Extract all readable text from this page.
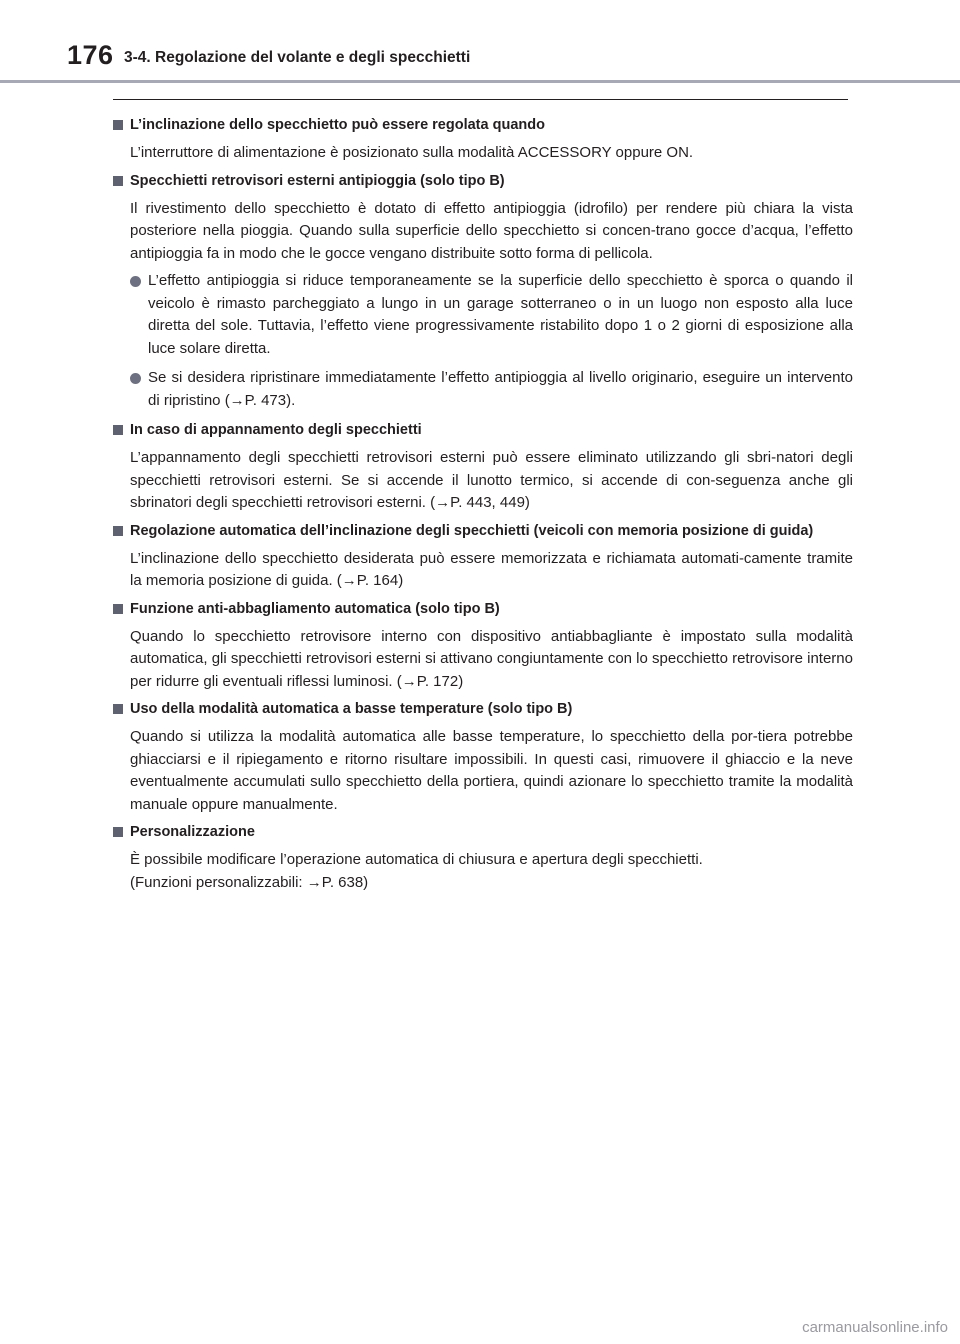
176 3-4. Regolazione del volante e degli specchietti
L’inclinazione dello specchietto può essere regolata quando
L’interruttore di alimentazione è posizionato sulla modalità ACCESSORY oppure ON.
Specchietti retrovisori esterni antipioggia (solo tipo B)
Il rivestimento dello specchietto è dotato di effetto antipioggia (idrofilo) per rendere più chiara la vista posteriore nella pioggia. Quando sulla superficie dello specchietto si concen-trano gocce d’acqua, l’effetto antipioggia fa in modo che le gocce vengano distribuite sotto forma di pellicola.
L’effetto antipioggia si riduce temporaneamente se la superficie dello specchietto è sporca o quando il veicolo è rimasto parcheggiato a lungo in un garage sotterraneo o in un luogo non esposto alla luce diretta del sole. Tuttavia, l’effetto viene progressivamente ristabilito dopo 1 o 2 giorni di esposizione alla luce solare diretta.
Se si desidera ripristinare immediatamente l’effetto antipioggia al livello originario, eseguire un intervento di ripristino (→P. 473).
In caso di appannamento degli specchietti
L’appannamento degli specchietti retrovisori esterni può essere eliminato utilizzando gli sbri-natori degli specchietti retrovisori esterni. Se si accende il lunotto termico, si accende di con-seguenza anche gli sbrinatori degli specchietti retrovisori esterni. (→P. 443, 449)
Regolazione automatica dell’inclinazione degli specchietti (veicoli con memoria posizione di guida)
L’inclinazione dello specchietto desiderata può essere memorizzata e richiamata automati-camente tramite la memoria posizione di guida. (→P. 164)
Funzione anti-abbagliamento automatica (solo tipo B)
Quando lo specchietto retrovisore interno con dispositivo antiabbagliante è impostato sulla modalità automatica, gli specchietti retrovisori esterni si attivano congiuntamente con lo specchietto retrovisore interno per ridurre gli eventuali riflessi luminosi. (→P. 172)
Uso della modalità automatica a basse temperature (solo tipo B)
Quando si utilizza la modalità automatica alle basse temperature, lo specchietto della por-tiera potrebbe ghiacciarsi e il ripiegamento e ritorno risultare impossibili. In questi casi, rimuovere il ghiaccio e la neve eventualmente accumulati sullo specchietto della portiera, quindi azionare lo specchietto tramite la modalità manuale oppure manualmente.
Personalizzazione
È possibile modificare l’operazione automatica di chiusura e apertura degli specchietti.
(Funzioni personalizzabili: →P. 638)
carmanualsonline.info
